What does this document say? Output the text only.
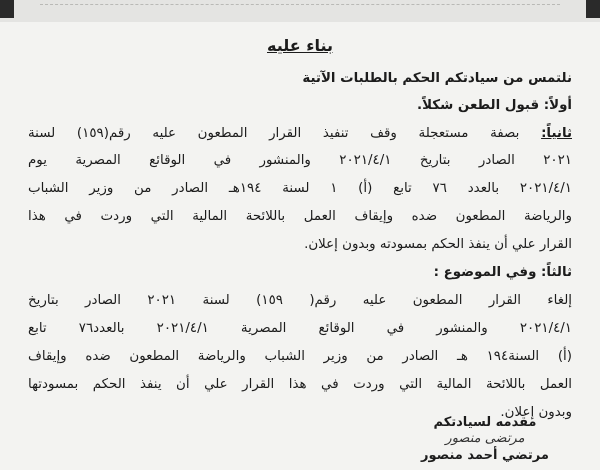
بناء عليه
نلتمس من سيادتكم الحكم بالطلبات الآتية
أولاً: قبول الطعن شكلاً.
ثانياً: بصفة مستعجلة وقف تنفيذ القرار المطعون عليه رقم(١٥٩) لسنة
٢٠٢١ الصادر بتاريخ ٢٠٢١/٤/١ والمنشور في الوقائع المصرية يوم
٢٠٢١/٤/١ بالعدد ٧٦ تابع (أ) ١ لسنة ١٩٤هـ الصادر من وزير الشباب
والرياضة المطعون ضده وإيقاف العمل باللائحة المالية التي وردت في هذا
القرار علي أن ينفذ الحكم بمسودته وبدون إعلان.
ثالثاً: وفي الموضوع :
إلغاء القرار المطعون عليه رقم( ١٥٩) لسنة ٢٠٢١ الصادر بتاريخ
٢٠٢١/٤/١ والمنشور في الوقائع المصرية ٢٠٢١/٤/١ بالعدد٧٦ تابع
(أ) السنة١٩٤ هـ الصادر من وزير الشباب والرياضة المطعون ضده وإيقاف
العمل باللائحة المالية التي وردت في هذا القرار علي أن ينفذ الحكم بمسودتها
وبدون إعلان.
مقدمه لسيادتكم
مرتضى منصور
مرتضي أحمد منصور
